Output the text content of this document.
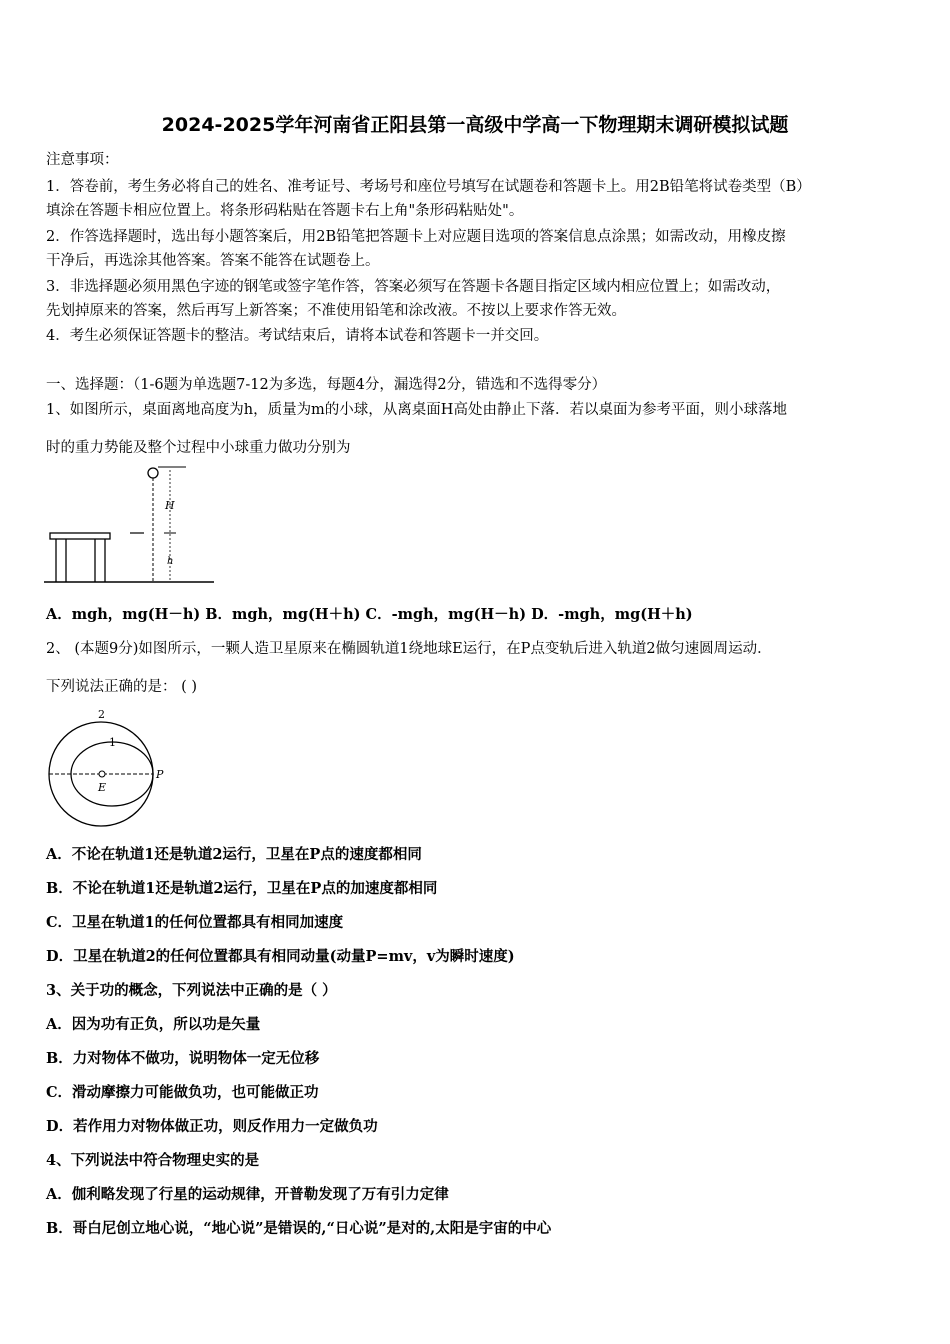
2024-2025学年河南省正阳县第一高级中学高一下物理期末调研模拟试题
注意事项：
1．答卷前，考生务必将自己的姓名、准考证号、考场号和座位号填写在试题卷和答题卡上。用2B铅笔将试卷类型（B）
填涂在答题卡相应位置上。将条形码粘贴在答题卡右上角"条形码粘贴处"。
2．作答选择题时，选出每小题答案后，用2B铅笔把答题卡上对应题目选项的答案信息点涂黑；如需改动，用橡皮擦
干净后，再选涂其他答案。答案不能答在试题卷上。
3．非选择题必须用黑色字迹的钢笔或签字笔作答，答案必须写在答题卡各题目指定区域内相应位置上；如需改动，
先划掉原来的答案，然后再写上新答案；不准使用铅笔和涂改液。不按以上要求作答无效。
4．考生必须保证答题卡的整洁。考试结束后，请将本试卷和答题卡一并交回。
一、选择题：（1-6题为单选题7-12为多选，每题4分，漏选得2分，错选和不选得零分）
1、如图所示，桌面离地高度为h，质量为m的小球，从离桌面H高处由静止下落．若以桌面为参考平面，则小球落地
时的重力势能及整个过程中小球重力做功分别为
H
h
A．mgh，mg(H－h) B．mgh，mg(H＋h) C．-mgh，mg(H－h) D．-mgh，mg(H＋h)
2、 (本题9分)如图所示，一颗人造卫星原来在椭圆轨道1绕地球E运行，在P点变轨后进入轨道2做匀速圆周运动．
下列说法正确的是： ( )
2
1
E
P
A．不论在轨道1还是轨道2运行，卫星在P点的速度都相同
B．不论在轨道1还是轨道2运行，卫星在P点的加速度都相同
C．卫星在轨道1的任何位置都具有相同加速度
D．卫星在轨道2的任何位置都具有相同动量(动量P=mv，v为瞬时速度)
3、关于功的概念，下列说法中正确的是（ ）
A．因为功有正负，所以功是矢量
B．力对物体不做功，说明物体一定无位移
C．滑动摩擦力可能做负功，也可能做正功
D．若作用力对物体做正功，则反作用力一定做负功
4、下列说法中符合物理史实的是
A．伽利略发现了行星的运动规律，开普勒发现了万有引力定律
B．哥白尼创立地心说，“地心说”是错误的,“日心说”是对的,太阳是宇宙的中心
